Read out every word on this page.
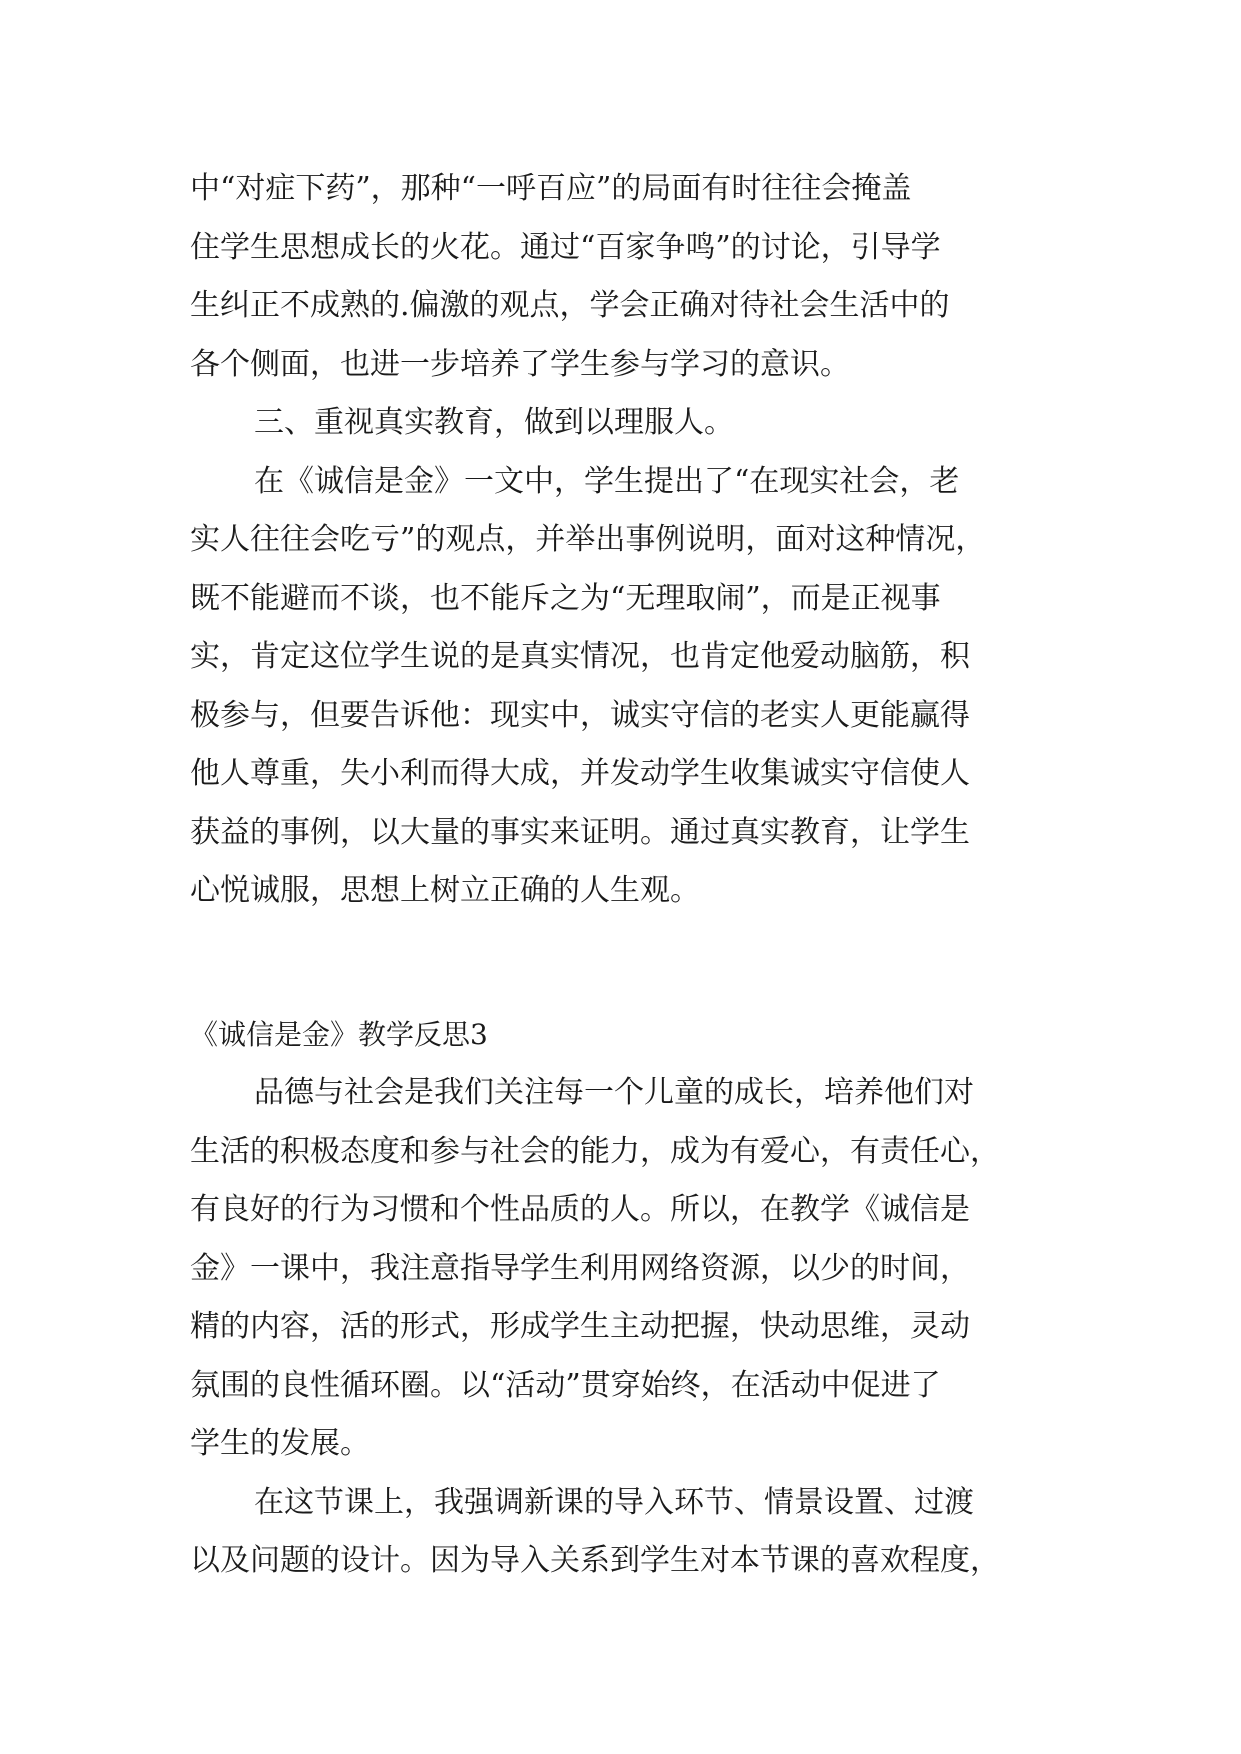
中“对症下药”，那种“一呼百应”的局面有时往往会掩盖
住学生思想成长的火花。通过“百家争鸣”的讨论，引导学
生纠正不成熟的.偏激的观点，学会正确对待社会生活中的
各个侧面，也进一步培养了学生参与学习的意识。
三、重视真实教育，做到以理服人。
在《诚信是金》一文中，学生提出了“在现实社会，老
实人往往会吃亏”的观点，并举出事例说明，面对这种情况，
既不能避而不谈，也不能斥之为“无理取闹”，而是正视事
实，肯定这位学生说的是真实情况，也肯定他爱动脑筋，积
极参与，但要告诉他：现实中，诚实守信的老实人更能赢得
他人尊重，失小利而得大成，并发动学生收集诚实守信使人
获益的事例，以大量的事实来证明。通过真实教育，让学生
心悦诚服，思想上树立正确的人生观。
《诚信是金》教学反思3
品德与社会是我们关注每一个儿童的成长，培养他们对
生活的积极态度和参与社会的能力，成为有爱心，有责任心，
有良好的行为习惯和个性品质的人。所以，在教学《诚信是
金》一课中，我注意指导学生利用网络资源，以少的时间，
精的内容，活的形式，形成学生主动把握，快动思维，灵动
氛围的良性循环圈。以“活动”贯穿始终，在活动中促进了
学生的发展。
在这节课上，我强调新课的导入环节、情景设置、过渡
以及问题的设计。因为导入关系到学生对本节课的喜欢程度，
